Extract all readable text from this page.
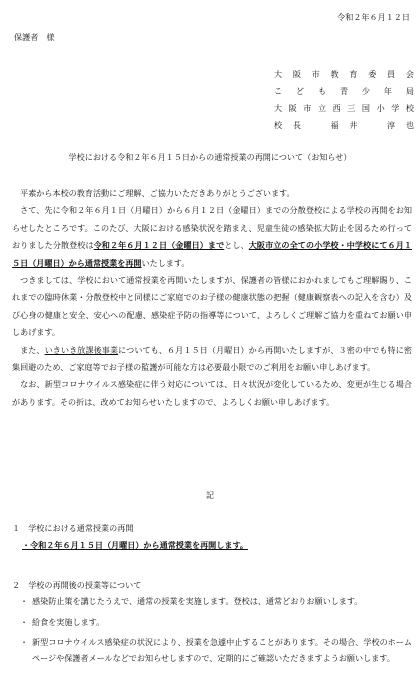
令和２年６月１２日
保護者　様
大阪市教育委員会
こども青少年局
大阪市立西三国小学校
校長　福井　淳也
学校における令和２年６月１５日からの通常授業の再開について（お知らせ）

平素から本校の教育活動にご理解、ご協力いただきありがとうございます。

さて、先に令和２年６月１日（月曜日）から６月１２日（金曜日）までの分散登校による学校の再開をお知らせしたところです。このたび、大阪における感染状況を踏まえ、児童生徒の感染拡大防止を図るため行っておりました分散登校は令和２年６月１２日（金曜日）までとし、大阪市立の全ての小学校・中学校にて６月１５日（月曜日）から通常授業を再開いたします。

つきましては、学校において通常授業を再開いたしますが、保護者の皆様におかれましてもご理解賜り、これまでの臨時休業・分散登校中と同様にご家庭でのお子様の健康状態の把握（健康観察表への記入を含む）及び心身の健康と安全、安心への配慮、感染症予防の指導等について、よろしくご理解ご協力を重ねてお願い申しあげます。

また、いきいき放課後事業についても、６月１５日（月曜日）から再開いたしますが、３密の中でも特に密集回避のため、ご家庭等でお子様の監護が可能な方は必要最小限でのご利用をお願い申しあげます。

なお、新型コロナウイルス感染症に伴う対応については、日々状況が変化しているため、変更が生じる場合があります。その折は、改めてお知らせいたしますので、よろしくお願い申しあげます。

記
１　学校における通常授業の再開
・令和２年６月１５日（月曜日）から通常授業を再開します。
２　学校の再開後の授業等について
・ 感染防止策を講じたうえで、通常の授業を実施します。登校は、通常どおりお願いします。
・ 給食を実施します。
・ 新型コロナウイルス感染症の状況により、授業を急遽中止することがあります。その場合、学校のホームページや保護者メールなどでお知らせしますので、定期的にご確認いただきますようお願いします。
